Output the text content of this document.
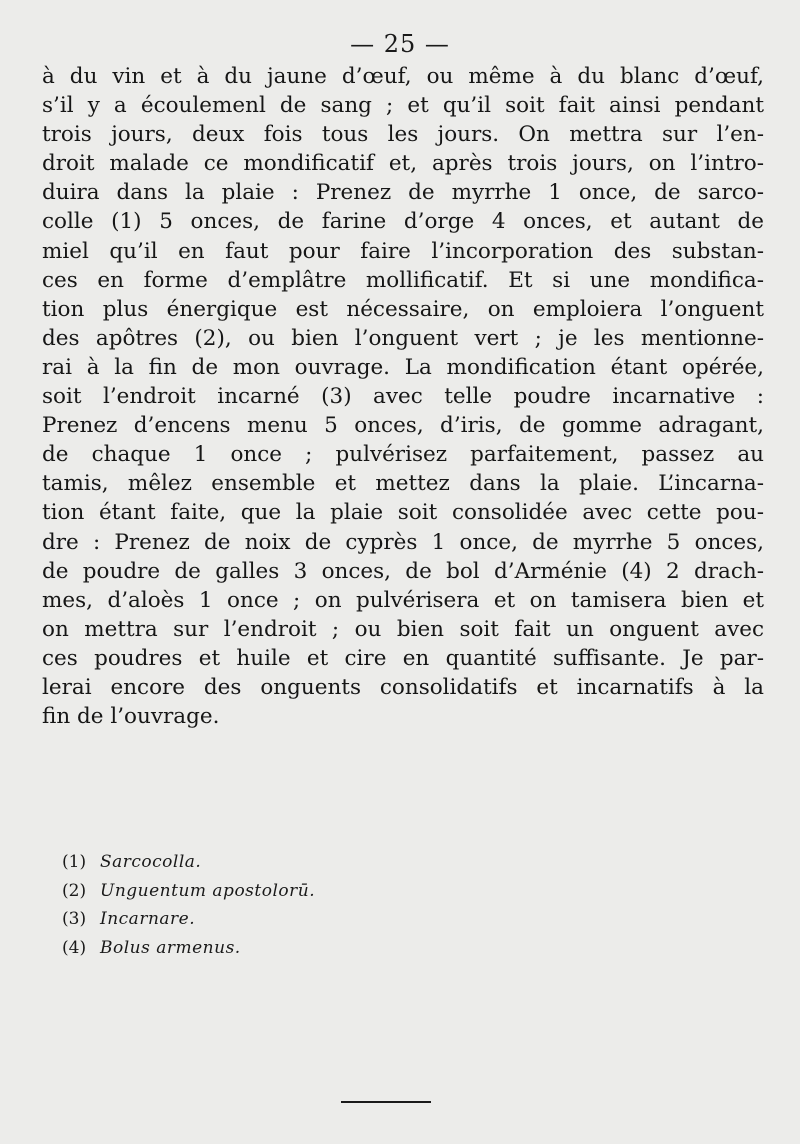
— 25 —
à du vin et à du jaune d’œuf, ou même à du blanc d’œuf,
s’il y a écoulemenl de sang ; et qu’il soit fait ainsi pendant
trois jours, deux fois tous les jours. On mettra sur l’en-
droit malade ce mondificatif et, après trois jours, on l’intro-
duira dans la plaie : Prenez de myrrhe 1 once, de sarco-
colle (1) 5 onces, de farine d’orge 4 onces, et autant de
miel qu’il en faut pour faire l’incorporation des substan-
ces en forme d’emplâtre mollificatif. Et si une mondifica-
tion plus énergique est nécessaire, on emploiera l’onguent
des apôtres (2), ou bien l’onguent vert ; je les mentionne-
rai à la fin de mon ouvrage. La mondification étant opérée,
soit l’endroit incarné (3) avec telle poudre incarnative :
Prenez d’encens menu 5 onces, d’iris, de gomme adragant,
de chaque 1 once ; pulvérisez parfaitement, passez au
tamis, mêlez ensemble et mettez dans la plaie. L’incarna-
tion étant faite, que la plaie soit consolidée avec cette pou-
dre : Prenez de noix de cyprès 1 once, de myrrhe 5 onces,
de poudre de galles 3 onces, de bol d’Arménie (4) 2 drach-
mes, d’aloès 1 once ; on pulvérisera et on tamisera bien et
on mettra sur l’endroit ; ou bien soit fait un onguent avec
ces poudres et huile et cire en quantité suffisante. Je par-
lerai encore des onguents consolidatifs et incarnatifs à la
fin de l’ouvrage.
(1) Sarcocolla.
(2) Unguentum apostolorū.
(3) Incarnare.
(4) Bolus armenus.
